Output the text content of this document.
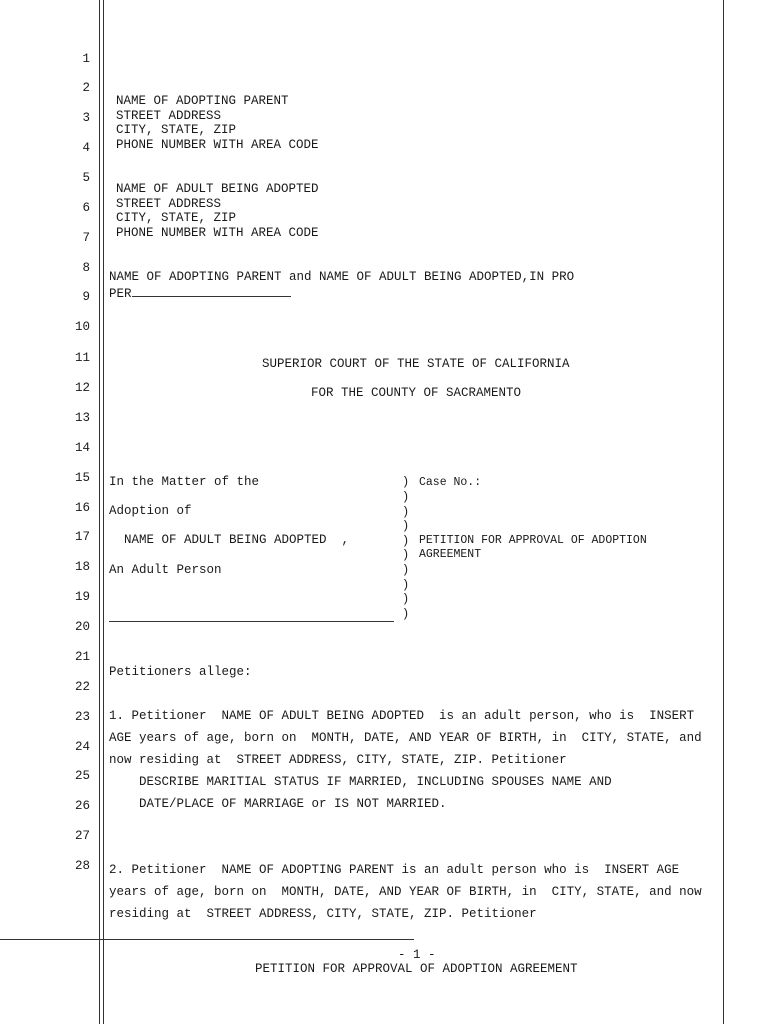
1
2
3
4
5
6
7
8
9
10
11
12
13
14
15
16
17
18
19
20
21
22
23
24
25
26
27
28
NAME OF ADOPTING PARENT
STREET ADDRESS
CITY, STATE, ZIP
PHONE NUMBER WITH AREA CODE
NAME OF ADULT BEING ADOPTED
STREET ADDRESS
CITY, STATE, ZIP
PHONE NUMBER WITH AREA CODE
NAME OF ADOPTING PARENT and NAME OF ADULT BEING ADOPTED,IN PRO
PER
SUPERIOR COURT OF THE STATE OF CALIFORNIA
FOR THE COUNTY OF SACRAMENTO
In the Matter of the
Adoption of
NAME OF ADULT BEING ADOPTED  ,
An Adult Person
)
)
)
)
)
)
)
)
)
)
Case No.:
PETITION FOR APPROVAL OF ADOPTION
AGREEMENT
Petitioners allege:
1. Petitioner  NAME OF ADULT BEING ADOPTED  is an adult person, who is  INSERT
AGE years of age, born on  MONTH, DATE, AND YEAR OF BIRTH, in  CITY, STATE, and
now residing at  STREET ADDRESS, CITY, STATE, ZIP. Petitioner
DESCRIBE MARITIAL STATUS IF MARRIED, INCLUDING SPOUSES NAME AND
DATE/PLACE OF MARRIAGE or IS NOT MARRIED.
2. Petitioner  NAME OF ADOPTING PARENT is an adult person who is  INSERT AGE
years of age, born on  MONTH, DATE, AND YEAR OF BIRTH, in  CITY, STATE, and now
residing at  STREET ADDRESS, CITY, STATE, ZIP. Petitioner
- 1 -
PETITION FOR APPROVAL OF ADOPTION AGREEMENT
